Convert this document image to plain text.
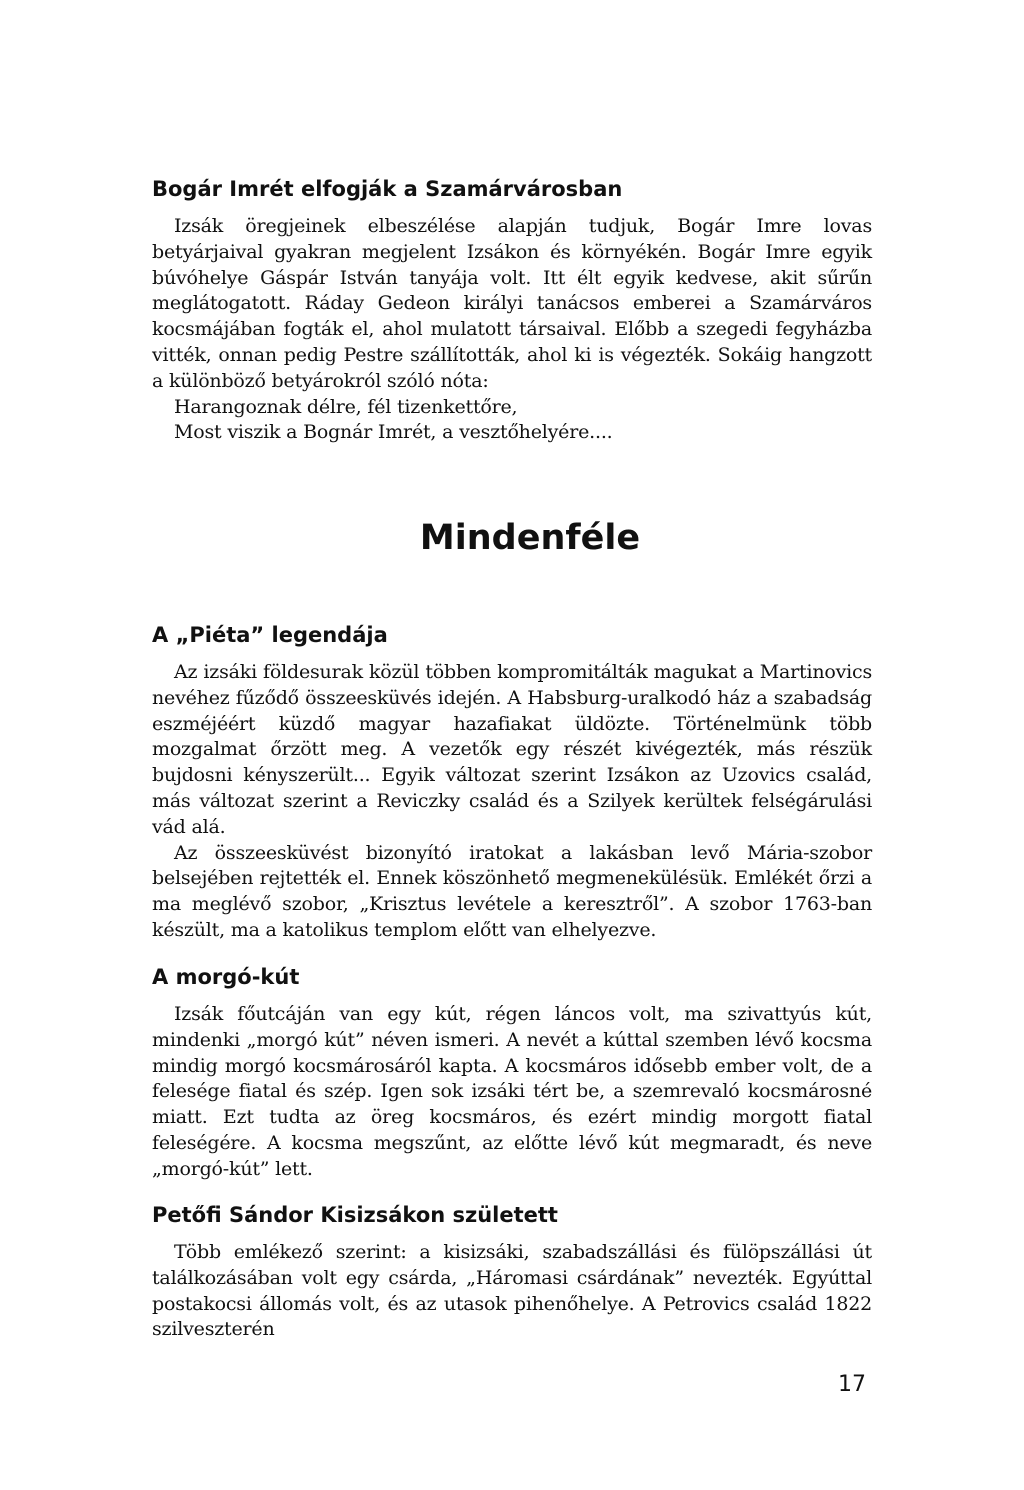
Bogár Imrét elfogják a Szamárvárosban

Izsák öregjeinek elbeszélése alapján tudjuk, Bogár Imre lovas betyárjaival gyakran megjelent Izsákon és környékén. Bogár Imre egyik búvóhelye Gáspár István tanyája volt. Itt élt egyik kedvese, akit sűrűn meglátogatott. Ráday Gedeon királyi tanácsos emberei a Szamárváros kocsmájában fogták el, ahol mulatott társaival. Előbb a szegedi fegyházba vitték, onnan pedig Pestre szállították, ahol ki is végezték. Sokáig hangzott a különböző betyárokról szóló nóta:

Harangoznak délre, fél tizenkettőre,

Most viszik a Bognár Imrét, a vesztőhelyére....

Mindenféle
A „Piéta” legendája

Az izsáki földesurak közül többen kompromitálták magukat a Martinovics nevéhez fűződő összeesküvés idején. A Habsburg-uralkodó ház a szabadság eszméjéért küzdő magyar hazafiakat üldözte. Történelmünk több mozgalmat őrzött meg. A vezetők egy részét kivégezték, más részük bujdosni kényszerült... Egyik változat szerint Izsákon az Uzovics család, más változat szerint a Reviczky család és a Szilyek kerültek felségárulási vád alá.

Az összeesküvést bizonyító iratokat a lakásban levő Mária-szobor belsejében rejtették el. Ennek köszönhető megmenekülésük. Emlékét őrzi a ma meglévő szobor, „Krisztus levétele a keresztről”. A szobor 1763-ban készült, ma a katolikus templom előtt van elhelyezve.

A morgó-kút

Izsák főutcáján van egy kút, régen láncos volt, ma szivattyús kút, mindenki „morgó kút” néven ismeri. A nevét a kúttal szemben lévő kocsma mindig morgó kocsmárosáról kapta. A kocsmáros idősebb ember volt, de a felesége fiatal és szép. Igen sok izsáki tért be, a szemrevaló kocsmárosné miatt. Ezt tudta az öreg kocsmáros, és ezért mindig morgott fiatal feleségére. A kocsma megszűnt, az előtte lévő kút megmaradt, és neve „morgó-kút” lett.

Petőfi Sándor Kisizsákon született

Több emlékező szerint: a kisizsáki, szabadszállási és fülöpszállási út találkozásában volt egy csárda, „Háromasi csárdának” nevezték. Egyúttal postakocsi állomás volt, és az utasok pihenőhelye. A Petrovics család 1822 szilveszterén

17
